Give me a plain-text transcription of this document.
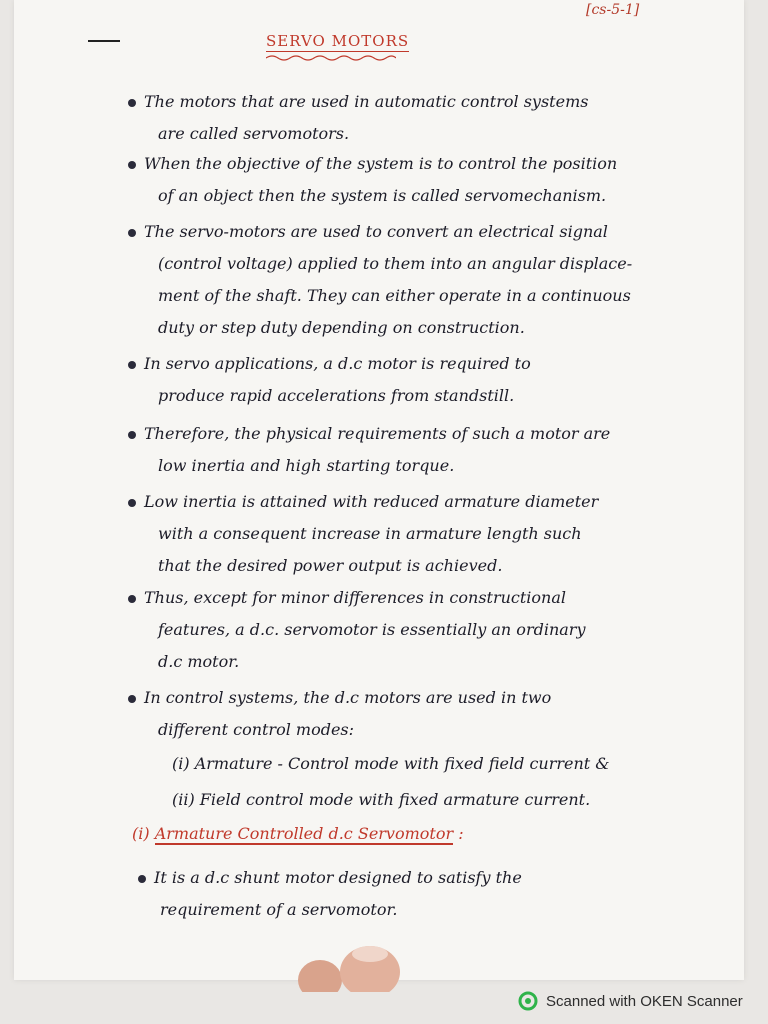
[cs-5-1]
SERVO MOTORS
The motors that are used in automatic control systems
are called servomotors.
When the objective of the system is to control the position
of an object then the system is called servomechanism.
The servo-motors are used to convert an electrical signal
(control voltage) applied to them into an angular displace-
ment of the shaft. They can either operate in a continuous
duty or step duty depending on construction.
In servo applications, a d.c motor is required to
produce rapid accelerations from standstill.
Therefore, the physical requirements of such a motor are
low inertia and high starting torque.
Low inertia is attained with reduced armature diameter
with a consequent increase in armature length such
that the desired power output is achieved.
Thus, except for minor differences in constructional
features, a d.c. servomotor is essentially an ordinary
d.c motor.
In control systems, the d.c motors are used in two
different control modes:
(i) Armature - Control mode with fixed field current &
(ii) Field control mode with fixed armature current.
(i) Armature Controlled d.c Servomotor :
It is a d.c shunt motor designed to satisfy the
requirement of a servomotor.
Scanned with OKEN Scanner
